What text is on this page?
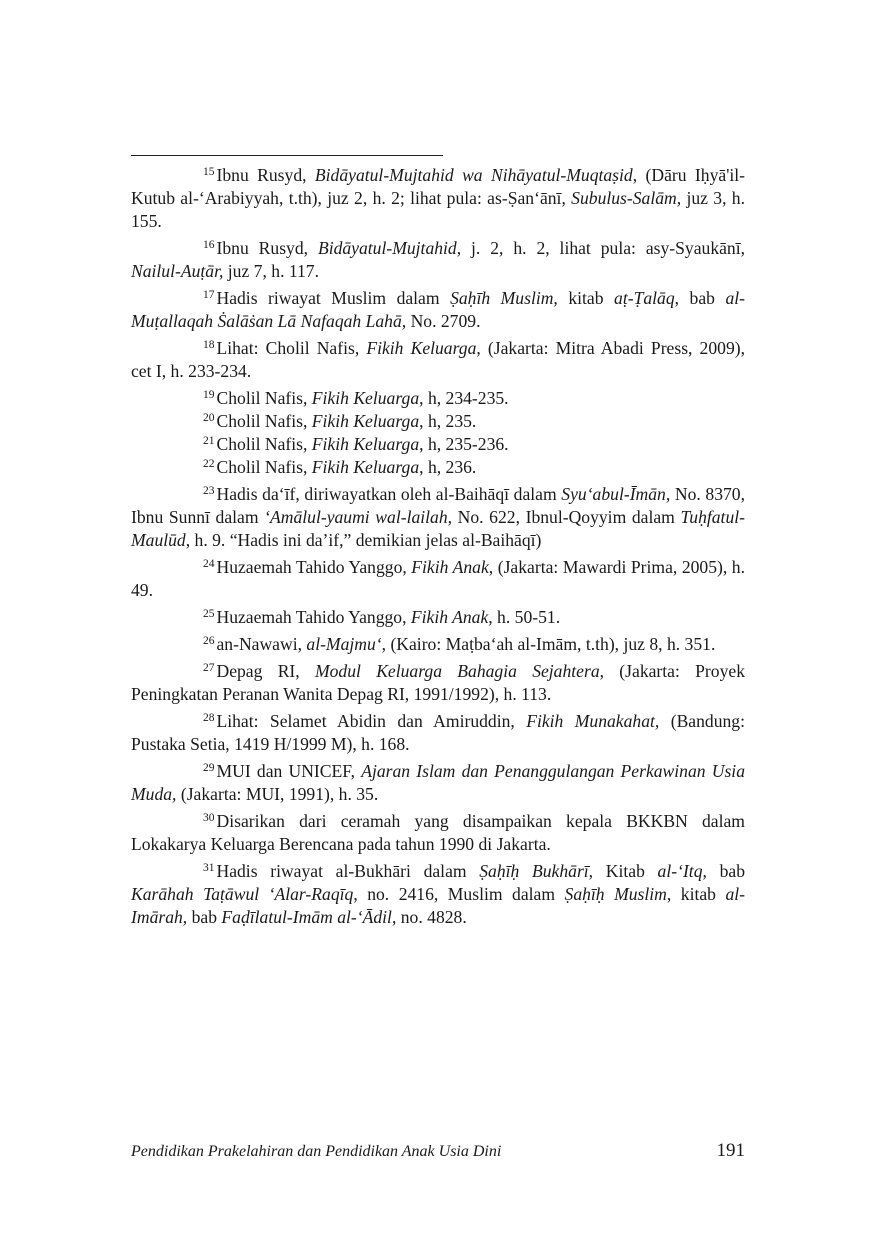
$^{15}$ Ibnu Rusyd, Bidāyatul-Mujtahid wa Nihāyatul-Muqtaṣid, (Dāru Iḥyā'il-Kutub al-‘Arabiyyah, t.th), juz 2, h. 2; lihat pula: as-Ṣan‘ānī, Subulus-Salām, juz 3, h. 155.

$^{16}$ Ibnu Rusyd, Bidāyatul-Mujtahid, j. 2, h. 2, lihat pula: asy-Syaukānī, Nailul-Auṭār, juz 7, h. 117.

$^{17}$ Hadis riwayat Muslim dalam Ṣaḥīh Muslim, kitab aṭ-Ṭalāq, bab al-Muṭallaqah Ṡalāṡan Lā Nafaqah Lahā, No. 2709.

$^{18}$ Lihat: Cholil Nafis, Fikih Keluarga, (Jakarta: Mitra Abadi Press, 2009), cet I, h. 233-234.

$^{19}$ Cholil Nafis, Fikih Keluarga, h, 234-235.

$^{20}$ Cholil Nafis, Fikih Keluarga, h, 235.

$^{21}$ Cholil Nafis, Fikih Keluarga, h, 235-236.

$^{22}$ Cholil Nafis, Fikih Keluarga, h, 236.

$^{23}$ Hadis da‘īf, diriwayatkan oleh al-Baihāqī dalam Syu‘abul-Īmān, No. 8370, Ibnu Sunnī dalam ‘Amālul-yaumi wal-lailah, No. 622, Ibnul-Qoyyim dalam Tuḥfatul-Maulūd, h. 9. “Hadis ini da’if,” demikian jelas al-Baihāqī)

$^{24}$ Huzaemah Tahido Yanggo, Fikih Anak, (Jakarta: Mawardi Prima, 2005), h. 49.

$^{25}$ Huzaemah Tahido Yanggo, Fikih Anak, h. 50-51.

$^{26}$ an-Nawawi, al-Majmu‘, (Kairo: Maṭba‘ah al-Imām, t.th), juz 8, h. 351.

$^{27}$ Depag RI, Modul Keluarga Bahagia Sejahtera, (Jakarta: Proyek Peningkatan Peranan Wanita Depag RI, 1991/1992), h. 113.

$^{28}$ Lihat: Selamet Abidin dan Amiruddin, Fikih Munakahat, (Bandung: Pustaka Setia, 1419 H/1999 M), h. 168.

$^{29}$ MUI dan UNICEF, Ajaran Islam dan Penanggulangan Perkawinan Usia Muda, (Jakarta: MUI, 1991), h. 35.

$^{30}$ Disarikan dari ceramah yang disampaikan kepala BKKBN dalam Lokakarya Keluarga Berencana pada tahun 1990 di Jakarta.

$^{31}$ Hadis riwayat al-Bukhāri dalam Ṣaḥīḥ Bukhārī, Kitab al-‘Itq, bab Karāhah Taṭāwul ‘Alar-Raqīq, no. 2416, Muslim dalam Ṣaḥīḥ Muslim, kitab al-Imārah, bab Faḍīlatul-Imām al-‘Ādil, no. 4828.

Pendidikan Prakelahiran dan Pendidikan Anak Usia Dini	191
